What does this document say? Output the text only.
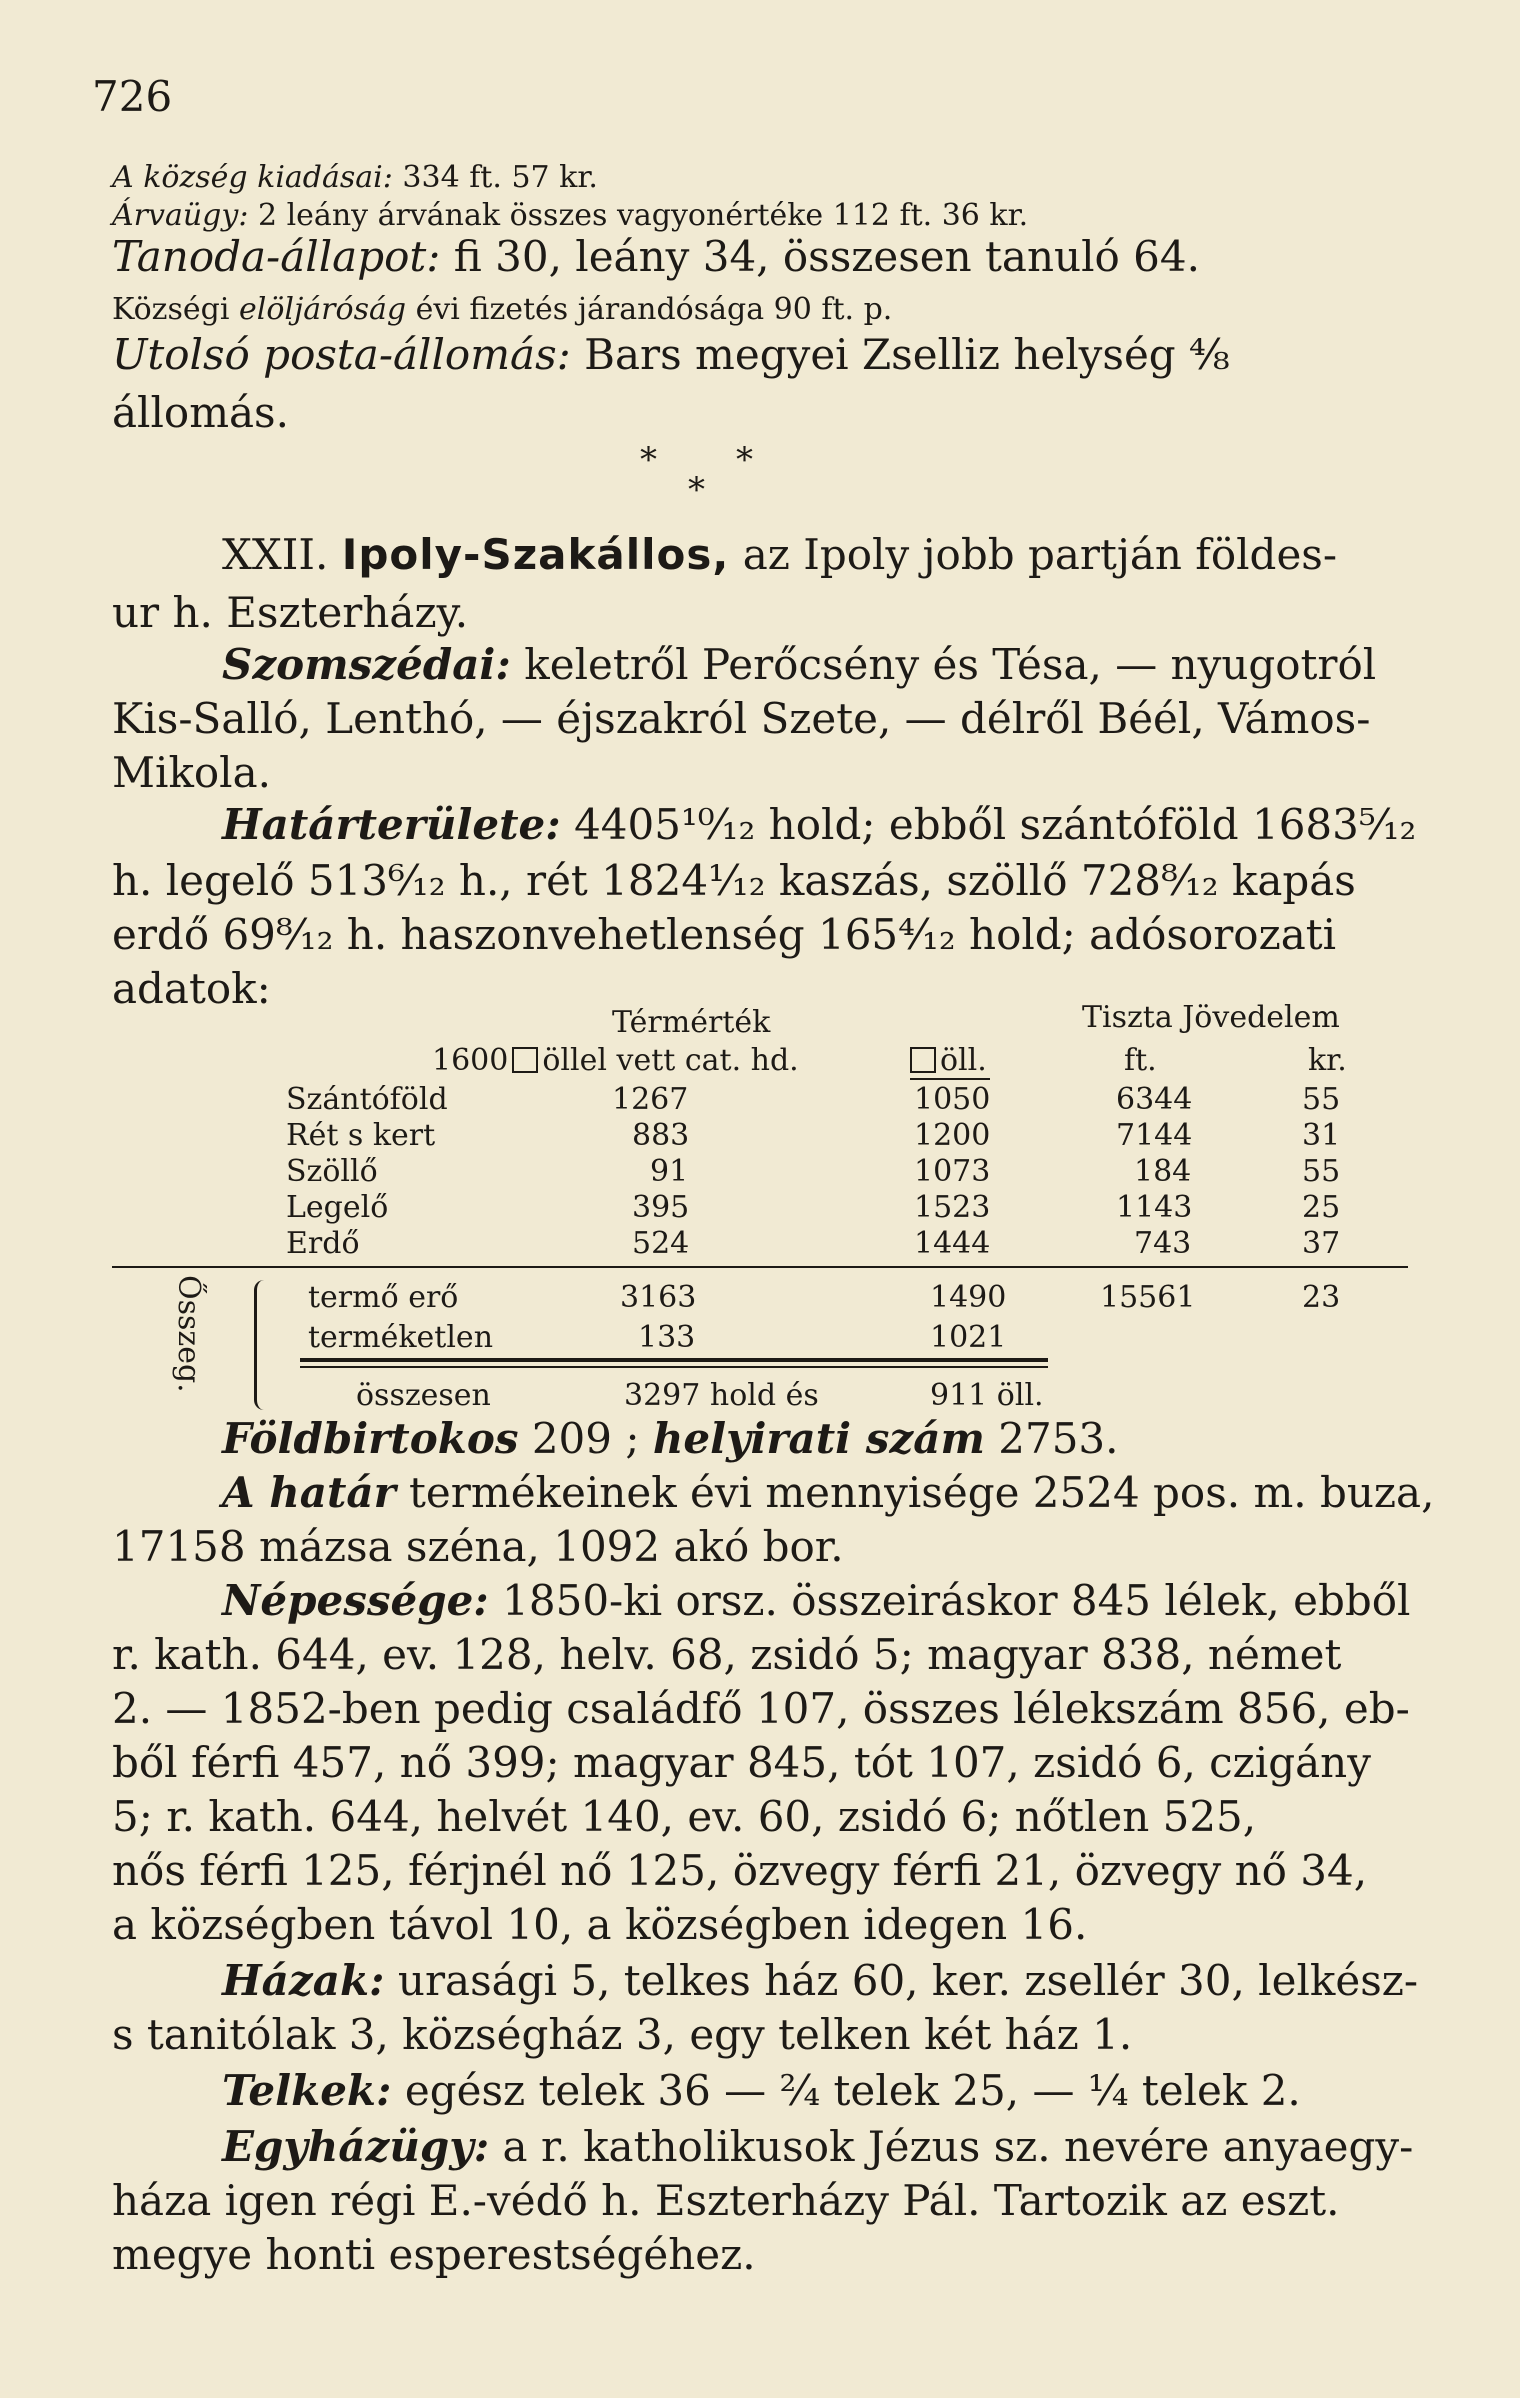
726
A község kiadásai: 334 ft. 57 kr.
Árvaügy: 2 leány árvának összes vagyonértéke 112 ft. 36 kr.
Tanoda-állapot: fi 30, leány 34, összesen tanuló 64.
Községi elöljáróság évi fizetés járandósága 90 ft. p.
Utolsó posta-állomás: Bars megyei Zselliz helység ⁴⁄₈
állomás.
* *
*
XXII. Ipoly-Szakállos, az Ipoly jobb partján földes-
ur h. Eszterházy.
Szomszédai: keletről Perőcsény és Tésa, — nyugotról
Kis-Salló, Lenthó, — éjszakról Szete, — délről Béél, Vámos-
Mikola.
Határterülete: 4405¹⁰⁄₁₂ hold; ebből szántóföld 1683⁵⁄₁₂
h. legelő 513⁶⁄₁₂ h., rét 1824¹⁄₁₂ kaszás, szöllő 728⁸⁄₁₂ kapás
erdő 69⁸⁄₁₂ h. haszonvehetlenség 165⁴⁄₁₂ hold; adósorozati
adatok:
Térmérték	Tiszta Jövedelem
1600 öllel vett cat. hd.	öll.	ft.	kr.
Szántóföld	1267	1050	6344	55
Rét s kert	883	1200	7144	31
Szöllő	91	1073	184	55
Legelő	395	1523	1143	25
Erdő	524	1444	743	37
termő erő	3163	1490	15561	23
terméketlen	133	1021
összesen	3297 hold és	911 öll.
Ősszeg.
Földbirtokos 209 ; helyirati szám 2753.
A határ termékeinek évi mennyisége 2524 pos. m. buza,
17158 mázsa széna, 1092 akó bor.
Népessége: 1850-ki orsz. összeiráskor 845 lélek, ebből
r. kath. 644, ev. 128, helv. 68, zsidó 5; magyar 838, német
2. — 1852-ben pedig családfő 107, összes lélekszám 856, eb-
ből férfi 457, nő 399; magyar 845, tót 107, zsidó 6, czigány
5; r. kath. 644, helvét 140, ev. 60, zsidó 6; nőtlen 525,
nős férfi 125, férjnél nő 125, özvegy férfi 21, özvegy nő 34,
a községben távol 10, a községben idegen 16.
Házak: urasági 5, telkes ház 60, ker. zsellér 30, lelkész-
s tanitólak 3, községház 3, egy telken két ház 1.
Telkek: egész telek 36 — ²⁄₄ telek 25, — ¹⁄₄ telek 2.
Egyházügy: a r. katholikusok Jézus sz. nevére anyaegy-
háza igen régi E.-védő h. Eszterházy Pál. Tartozik az eszt.
megye honti esperestségéhez.
